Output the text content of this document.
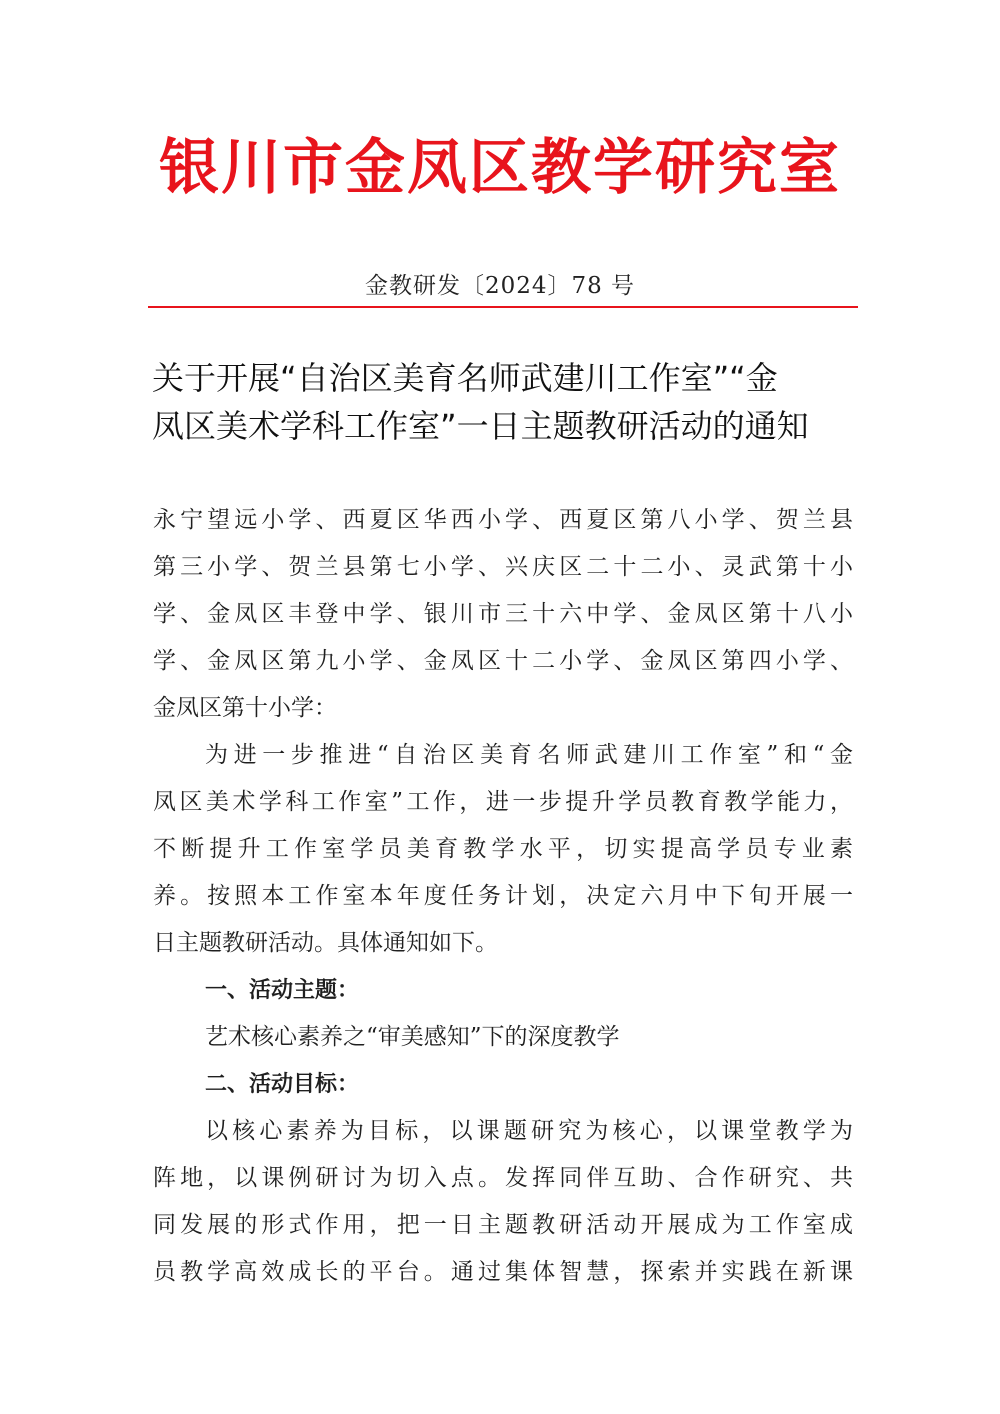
银川市金凤区教学研究室
金教研发〔2024〕78 号
关于开展“自治区美育名师武建川工作室”“金
凤区美术学科工作室”一日主题教研活动的通知
永宁望远小学、西夏区华西小学、西夏区第八小学、贺兰县
第三小学、贺兰县第七小学、兴庆区二十二小、灵武第十小
学、金凤区丰登中学、银川市三十六中学、金凤区第十八小
学、金凤区第九小学、金凤区十二小学、金凤区第四小学、
金凤区第十小学：
为进一步推进“自治区美育名师武建川工作室”和“金
凤区美术学科工作室”工作，进一步提升学员教育教学能力，
不断提升工作室学员美育教学水平，切实提高学员专业素
养。按照本工作室本年度任务计划，决定六月中下旬开展一
日主题教研活动。具体通知如下。
一、活动主题：
艺术核心素养之“审美感知”下的深度教学
二、活动目标：
以核心素养为目标，以课题研究为核心，以课堂教学为
阵地，以课例研讨为切入点。发挥同伴互助、合作研究、共
同发展的形式作用，把一日主题教研活动开展成为工作室成
员教学高效成长的平台。通过集体智慧，探索并实践在新课
